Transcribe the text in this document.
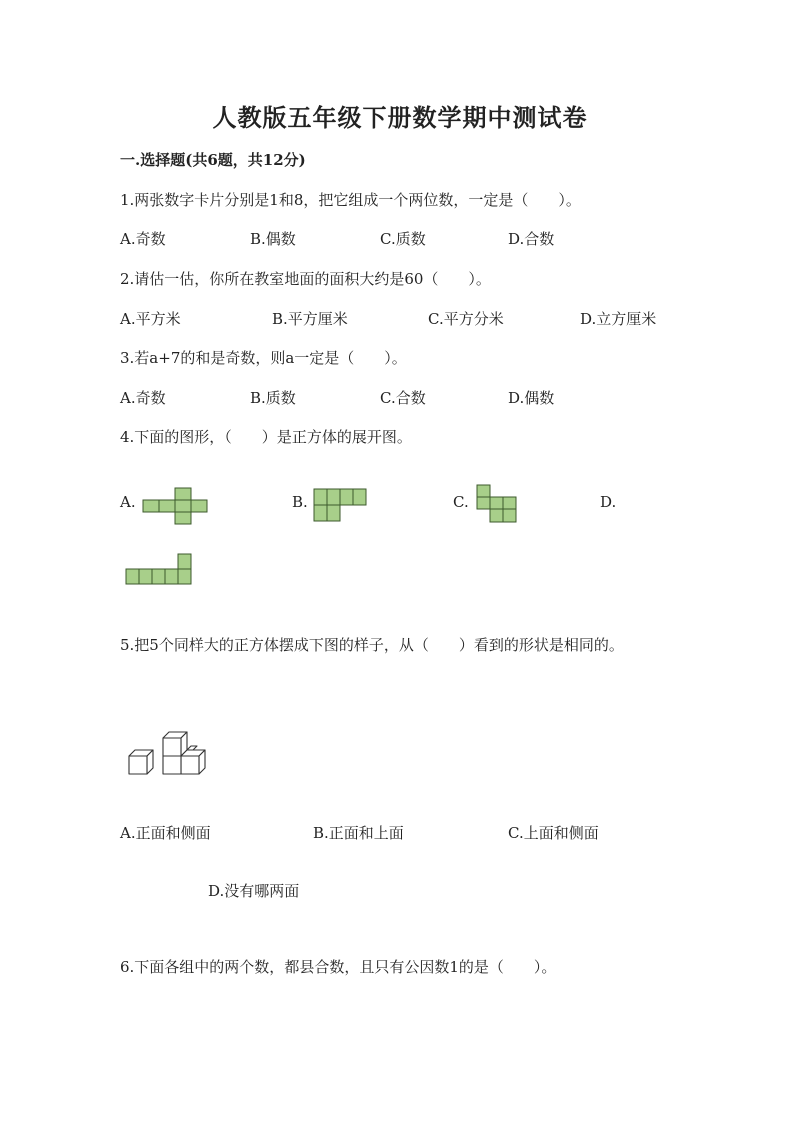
人教版五年级下册数学期中测试卷
一.选择题(共6题，共12分)
1.两张数字卡片分别是1和8，把它组成一个两位数，一定是（　　）。
A.奇数	B.偶数	C.质数	D.合数
2.请估一估，你所在教室地面的面积大约是60（　　）。
A.平方米	B.平方厘米	C.平方分米	D.立方厘米
3.若a+7的和是奇数，则a一定是（　　）。
A.奇数	B.质数	C.合数	D.偶数
4.下面的图形，（　　）是正方体的展开图。
A.	B.	C.	D.
5.把5个同样大的正方体摆成下图的样子，从（　　）看到的形状是相同的。
A.正面和侧面	B.正面和上面	C.上面和侧面
D.没有哪两面
6.下面各组中的两个数，都县合数，且只有公因数1的是（　　）。
